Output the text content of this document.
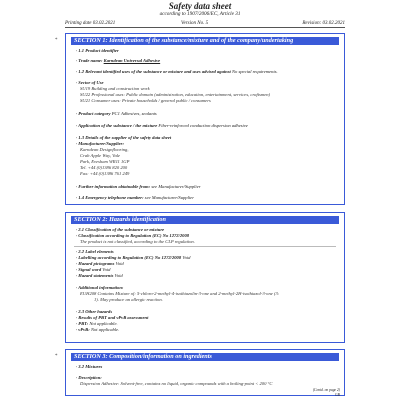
Safety data sheet
according to 1907/2006/EC, Article 31
Printing date 03.02.2021	Version No. 5	Revision: 03.02.2021
*	SECTION 1: Identification of the substance/mixture and of the company/undertaking
· 1.1 Product identifier
· Trade name: Karndean Universal Adhesive
· 1.2 Relevant identified uses of the substance or mixture and uses advised against No special requirements.
· Sector of Use
SU19 Building and construction work
SU22 Professional uses: Public domain (administration, education, entertainment, services, craftsmen)
SU21 Consumer uses: Private households / general public / consumers
· Product category PC1 Adhesives, sealants
· Application of the substance / the mixture Fiber-reinforced conduction dispersion adhesive
· 1.3 Details of the supplier of the safety data sheet
· Manufacturer/Supplier:
Karndean Designflooring,
Crab Apple Way, Vale
Park, Evesham WR11 1GP
Tel. +44 (0)1386 820 200
Fax: +44 (0)1386 761 249
· Further information obtainable from: see Manufacturer/Supplier
· 1.4 Emergency telephone number: see Manufacturer/Supplier
SECTION 2: Hazards identification
· 2.1 Classification of the substance or mixture
· Classification according to Regulation (EC) No 1272/2008
The product is not classified, according to the CLP regulation.
· 2.2 Label elements
· Labelling according to Regulation (EC) No 1272/2008 Void
· Hazard pictograms Void
· Signal word Void
· Hazard statements Void
· Additional information:
EUH208 Contains Mixture of: 5-chloro-2-methyl-4-isothiazolin-3-one and 2-methyl-2H-isothiazol-3-one (3:
1). May produce an allergic reaction.
· 2.3 Other hazards
· Results of PBT and vPvB assessment
· PBT: Not applicable.
· vPvB: Not applicable.
*	SECTION 3: Composition/information on ingredients
· 3.2 Mixtures
· Description:
Dispersion Adhesive: Solvent-free, contains no liquid, organic compounds with a boiling-point < 200 °C
(Contd. on page 2)
GB
